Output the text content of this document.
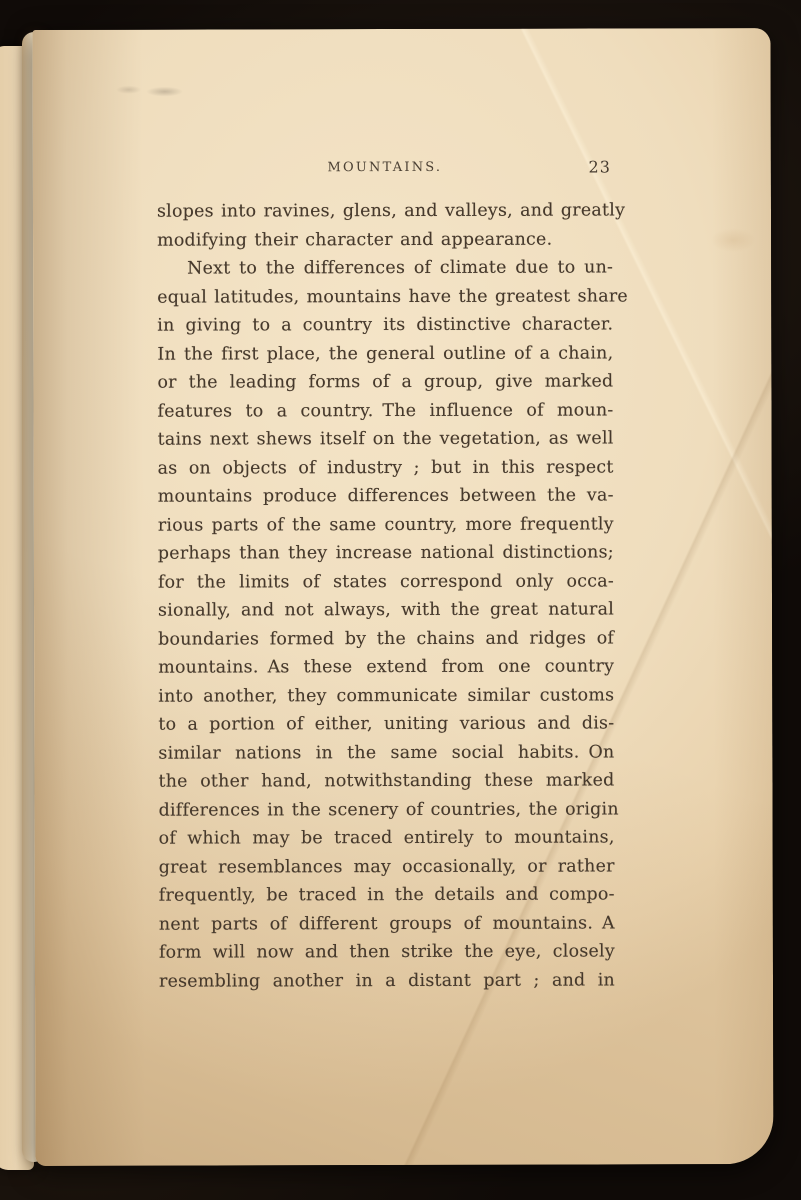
MOUNTAINS.	23
slopes into ravines, glens, and valleys, and greatly
modifying their character and appearance.
Next to the differences of climate due to un-
equal latitudes, mountains have the greatest share
in giving to a country its distinctive character.
In the first place, the general outline of a chain,
or the leading forms of a group, give marked
features to a country. The influence of moun-
tains next shews itself on the vegetation, as well
as on objects of industry ; but in this respect
mountains produce differences between the va-
rious parts of the same country, more frequently
perhaps than they increase national distinctions;
for the limits of states correspond only occa-
sionally, and not always, with the great natural
boundaries formed by the chains and ridges of
mountains. As these extend from one country
into another, they communicate similar customs
to a portion of either, uniting various and dis-
similar nations in the same social habits. On
the other hand, notwithstanding these marked
differences in the scenery of countries, the origin
of which may be traced entirely to mountains,
great resemblances may occasionally, or rather
frequently, be traced in the details and compo-
nent parts of different groups of mountains. A
form will now and then strike the eye, closely
resembling another in a distant part ; and in
